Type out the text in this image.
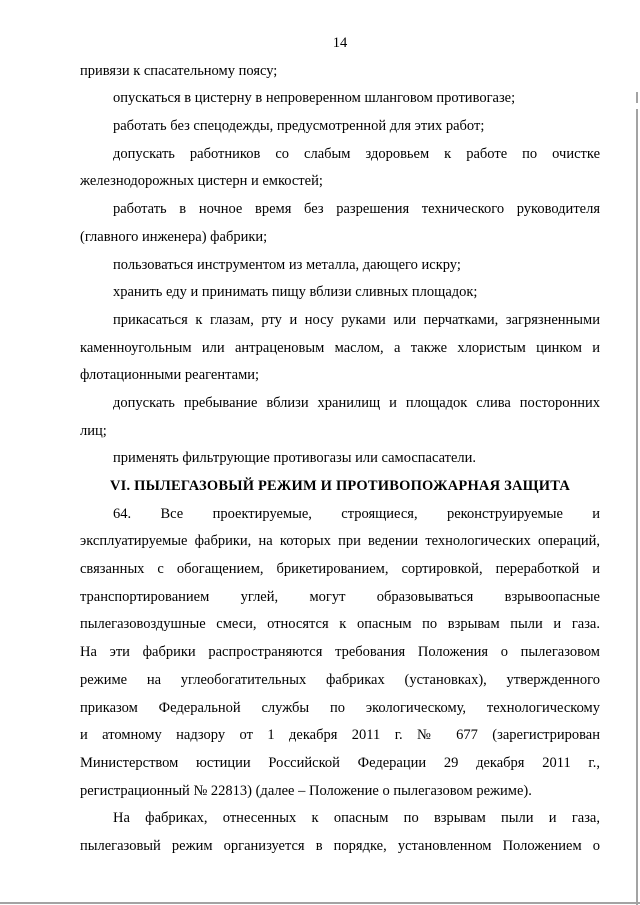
14
привязи к спасательному поясу;
опускаться в цистерну в непроверенном шланговом противогазе;
работать без спецодежды, предусмотренной для этих работ;
допускать работников со слабым здоровьем к работе по очистке
железнодорожных цистерн и емкостей;
работать в ночное время без разрешения технического руководителя
(главного инженера) фабрики;
пользоваться инструментом из металла, дающего искру;
хранить еду и принимать пищу вблизи сливных площадок;
прикасаться к глазам, рту и носу руками или перчатками, загрязненными
каменноугольным или антраценовым маслом, а также хлористым цинком и
флотационными реагентами;
допускать пребывание вблизи хранилищ и площадок слива посторонних
лиц;
применять фильтрующие противогазы или самоспасатели.
VI. ПЫЛЕГАЗОВЫЙ РЕЖИМ И ПРОТИВОПОЖАРНАЯ ЗАЩИТА
64. Все проектируемые, строящиеся, реконструируемые и
эксплуатируемые фабрики, на которых при ведении технологических операций,
связанных с обогащением, брикетированием, сортировкой, переработкой и
транспортированием углей, могут образовываться взрывоопасные
пылегазовоздушные смеси, относятся к опасным по взрывам пыли и газа.
На эти фабрики распространяются требования Положения о пылегазовом
режиме на углеобогатительных фабриках (установках), утвержденного
приказом Федеральной службы по экологическому, технологическому
и атомному надзору от 1 декабря 2011 г. № 677 (зарегистрирован
Министерством юстиции Российской Федерации 29 декабря 2011 г.,
регистрационный № 22813) (далее – Положение о пылегазовом режиме).
На фабриках, отнесенных к опасным по взрывам пыли и газа,
пылегазовый режим организуется в порядке, установленном Положением о
